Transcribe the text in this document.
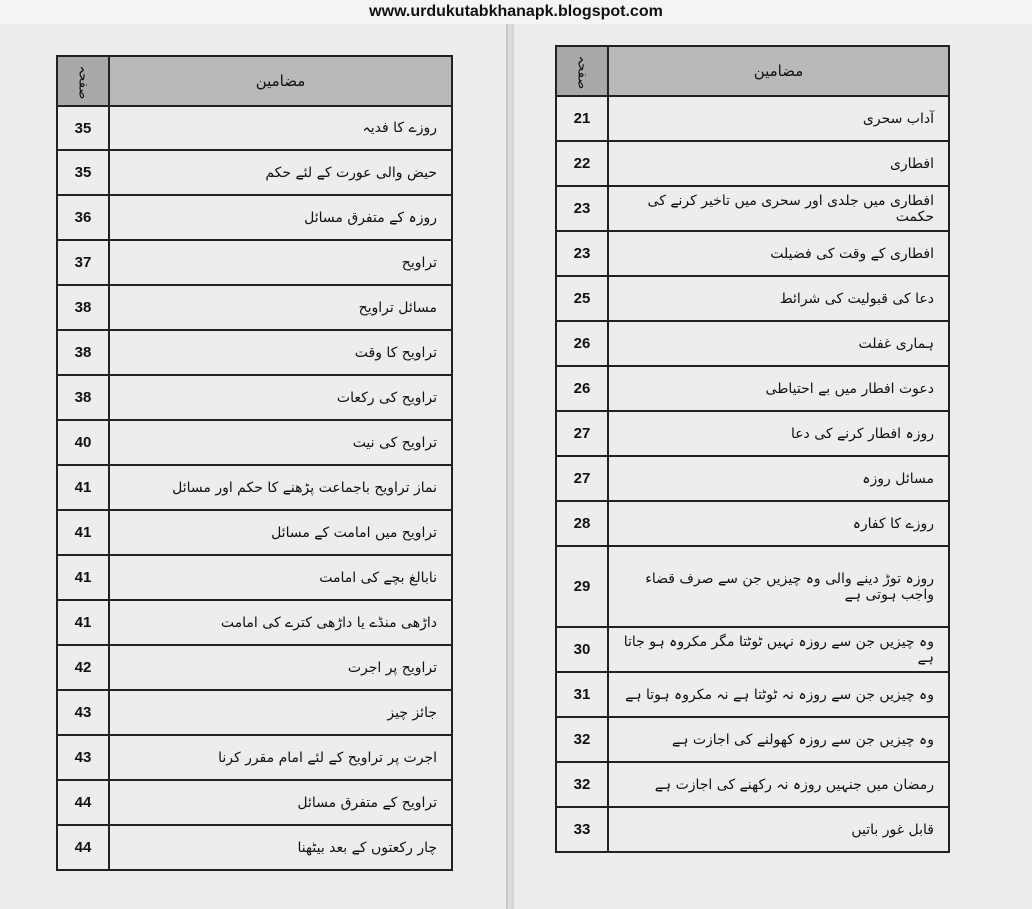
www.urdukutabkhanapk.blogspot.com
صفحہ	مضامین
35	روزے کا فدیہ
35	حیض والی عورت کے لئے حکم
36	روزہ کے متفرق مسائل
37	تراویح
38	مسائل تراویح
38	تراویح کا وقت
38	تراویح کی رکعات
40	تراویح کی نیت
41	نماز تراویح باجماعت پڑھنے کا حکم اور مسائل
41	تراویح میں امامت کے مسائل
41	نابالغ بچے کی امامت
41	داڑھی منڈے یا داڑھی کترے کی امامت
42	تراویح پر اجرت
43	جائز چیز
43	اجرت پر تراویح کے لئے امام مقرر کرنا
44	تراویح کے متفرق مسائل
44	چار رکعتوں کے بعد بیٹھنا
صفحہ	مضامین
21	آداب سحری
22	افطاری
23	افطاری میں جلدی اور سحری میں تاخیر کرنے کی حکمت
23	افطاری کے وقت کی فضیلت
25	دعا کی قبولیت کی شرائط
26	ہماری غفلت
26	دعوت افطار میں بے احتیاطی
27	روزہ افطار کرنے کی دعا
27	مسائل روزہ
28	روزے کا کفارہ
29	روزہ توڑ دینے والی وہ چیزیں جن سے صرف قضاء واجب ہوتی ہے
30	وہ چیزیں جن سے روزہ نہیں ٹوٹتا مگر مکروہ ہو جاتا ہے
31	وہ چیزیں جن سے روزہ نہ ٹوٹتا ہے نہ مکروہ ہوتا ہے
32	وہ چیزیں جن سے روزہ کھولنے کی اجازت ہے
32	رمضان میں جنہیں روزہ نہ رکھنے کی اجازت ہے
33	قابل غور باتیں
